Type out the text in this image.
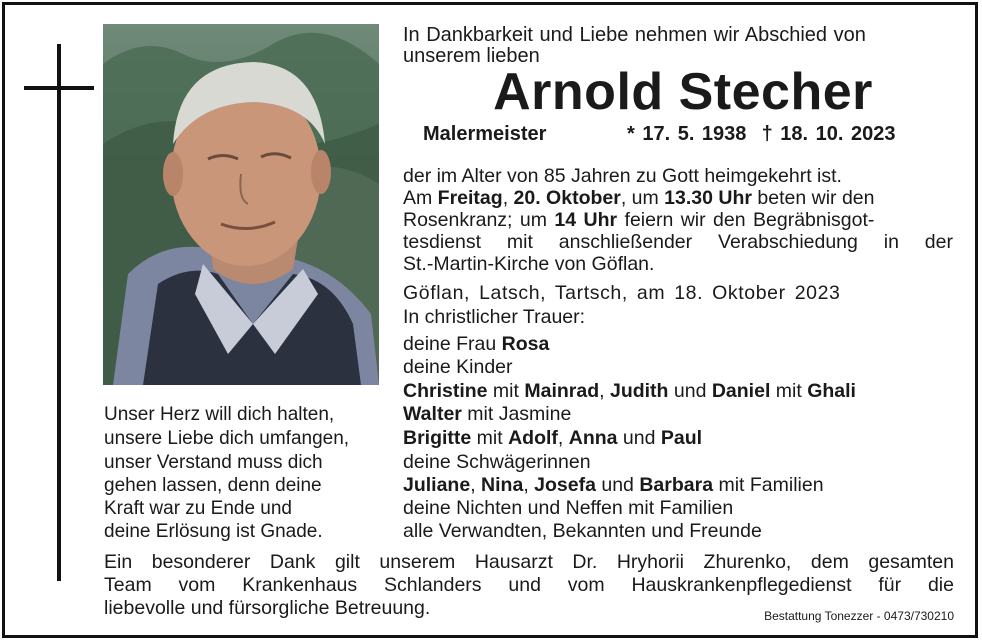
In Dankbarkeit und Liebe nehmen wir Abschied von
unserem lieben
Arnold Stecher
Malermeister	* 17. 5. 1938 † 18. 10. 2023
der im Alter von 85 Jahren zu Gott heimgekehrt ist.
Am Freitag, 20. Oktober, um 13.30 Uhr beten wir den
Rosenkranz; um 14 Uhr feiern wir den Begräbnisgot-
tesdienst mit anschließender Verabschiedung in der
St.-Martin-Kirche von Göflan.
Göflan, Latsch, Tartsch, am 18. Oktober 2023
In christlicher Trauer:
deine Frau Rosa
deine Kinder
Christine mit Mainrad, Judith und Daniel mit Ghali
Walter mit Jasmine
Brigitte mit Adolf, Anna und Paul
deine Schwägerinnen
Juliane, Nina, Josefa und Barbara mit Familien
deine Nichten und Neffen mit Familien
alle Verwandten, Bekannten und Freunde
Unser Herz will dich halten,
unsere Liebe dich umfangen,
unser Verstand muss dich
gehen lassen, denn deine
Kraft war zu Ende und
deine Erlösung ist Gnade.
Ein besonderer Dank gilt unserem Hausarzt Dr. Hryhorii Zhurenko, dem gesamten
Team vom Krankenhaus Schlanders und vom Hauskrankenpflegedienst für die
liebevolle und fürsorgliche Betreuung.	Bestattung Tonezzer - 0473/730210
